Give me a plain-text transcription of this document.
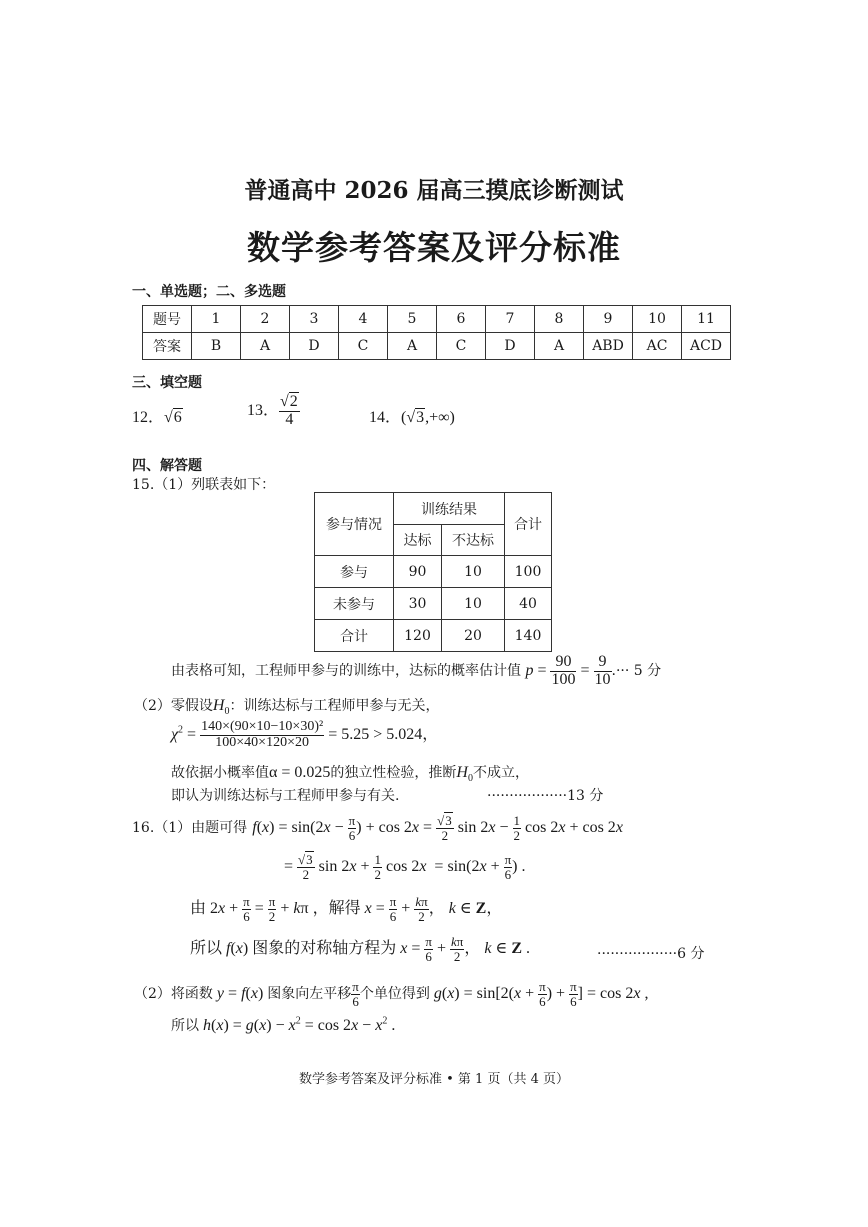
普通高中 2026 届高三摸底诊断测试
数学参考答案及评分标准
一、单选题；二、多选题
题号	1	2	3	4	5	6	7	8	9	10	11
答案	B	A	D	C	A	C	D	A	ABD	AC	ACD
三、填空题
12．√6	13． $\frac{√2}{4}$	14．(√3,+∞)
四、解答题
15.（1）列联表如下：
参与情况	训练结果		合计
	达标	不达标	
参与	90	10	100
未参与	30	10	40
合计	120	20	140
由表格可知，工程师甲参与的训练中，达标的概率估计值 $p = \frac{90}{100} = \frac{9}{10}$ .··· 5 分
（2）零假设$H_0$：训练达标与工程师甲参与无关，
$\chi^2 = \frac{\text{140×(90×10−10×30)²}}{100\times 40\times 120\times 20} = 5.25 > 5.024$，
故依据小概率值α = 0.025的独立性检验，推断$H_0$不成立，
即认为训练达标与工程师甲参与有关.	··················13 分
16.（1）由题可得 $f(x) = \sin(2x - \frac{\pi}{6}$ ) + $\cos 2x = \frac{√3}{2}$ $\sin 2x - \frac{1}{2}$ cos 2x + cos 2x
= $\frac{√3}{2}$ $\sin 2x + \frac{1}{2}$ $\cos 2x = \sin(2x + \frac{\pi}{6}$ ) .
由 $2x + \frac{\pi}{6} = \frac{\pi}{2} + k\pi$ ，解得 $x = \frac{\pi}{6} + \frac{k\pi}{2}$ ， k ∈ Z，
所以 f(x) 图象的对称轴方程为 $x = \frac{\pi}{6} + \frac{k\pi}{2}$ ， k ∈ Z .	··················6 分
（2）将函数 y = f(x) 图象向左平移 $\frac{\pi}{6}$ 个单位得到 $g(x) = \sin[2(x + \frac{\pi}{6}$ ) + $\frac{\pi}{6}$ ] = cos 2x ,
所以 $h(x) = g(x) - x^2 = \cos 2x - x^2$ .
数学参考答案及评分标准 • 第 1 页（共 4 页）
